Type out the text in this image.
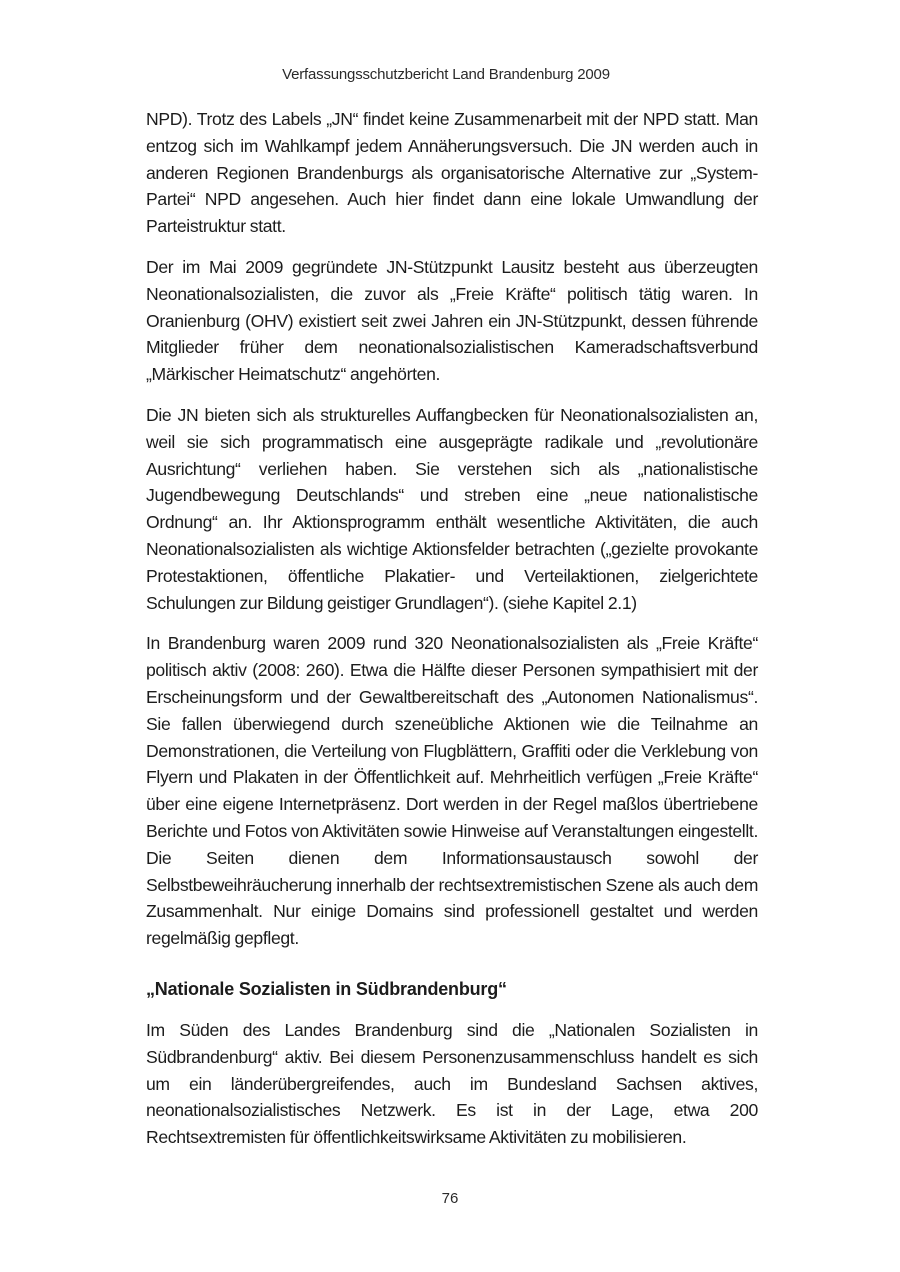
Verfassungsschutzbericht Land Brandenburg 2009

NPD). Trotz des Labels „JN“ findet keine Zusammenarbeit mit der NPD statt. Man entzog sich im Wahlkampf jedem Annäherungsversuch. Die JN werden auch in anderen Regionen Brandenburgs als organisatorische Alternative zur „System-Partei“ NPD angesehen. Auch hier findet dann eine lokale Umwandlung der Parteistruktur statt.

Der im Mai 2009 gegründete JN-Stützpunkt Lausitz besteht aus überzeugten Neonationalsozialisten, die zuvor als „Freie Kräfte“ politisch tätig waren. In Oranienburg (OHV) existiert seit zwei Jahren ein JN-Stützpunkt, dessen führende Mitglieder früher dem neonationalsozialistischen Kameradschaftsverbund „Märkischer Heimatschutz“ angehörten.

Die JN bieten sich als strukturelles Auffangbecken für Neonationalsozialisten an, weil sie sich programmatisch eine ausgeprägte radikale und „revolutionäre Ausrichtung“ verliehen haben. Sie verstehen sich als „nationalistische Jugendbewegung Deutschlands“ und streben eine „neue nationalistische Ordnung“ an. Ihr Aktionsprogramm enthält wesentliche Aktivitäten, die auch Neonationalsozialisten als wichtige Aktionsfelder betrachten („gezielte provokante Protestaktionen, öffentliche Plakatier- und Verteilaktionen, zielgerichtete Schulungen zur Bildung geistiger Grundlagen“). (siehe Kapitel 2.1)

In Brandenburg waren 2009 rund 320 Neonationalsozialisten als „Freie Kräfte“ politisch aktiv (2008: 260). Etwa die Hälfte dieser Personen sympathisiert mit der Erscheinungsform und der Gewaltbereitschaft des „Autonomen Nationalismus“. Sie fallen überwiegend durch szeneübliche Aktionen wie die Teilnahme an Demonstrationen, die Verteilung von Flugblättern, Graffiti oder die Verklebung von Flyern und Plakaten in der Öffentlichkeit auf. Mehrheitlich verfügen „Freie Kräfte“ über eine eigene Internetpräsenz. Dort werden in der Regel maßlos übertriebene Berichte und Fotos von Aktivitäten sowie Hinweise auf Veranstaltungen eingestellt. Die Seiten dienen dem Informationsaustausch sowohl der Selbstbeweihräucherung innerhalb der rechtsextremistischen Szene als auch dem Zusammenhalt. Nur einige Domains sind professionell gestaltet und werden regelmäßig gepflegt.

„Nationale Sozialisten in Südbrandenburg“

Im Süden des Landes Brandenburg sind die „Nationalen Sozialisten in Südbrandenburg“ aktiv. Bei diesem Personenzusammenschluss handelt es sich um ein länderübergreifendes, auch im Bundesland Sachsen aktives, neonationalsozialistisches Netzwerk. Es ist in der Lage, etwa 200 Rechtsextremisten für öffentlichkeitswirksame Aktivitäten zu mobilisieren.

76
